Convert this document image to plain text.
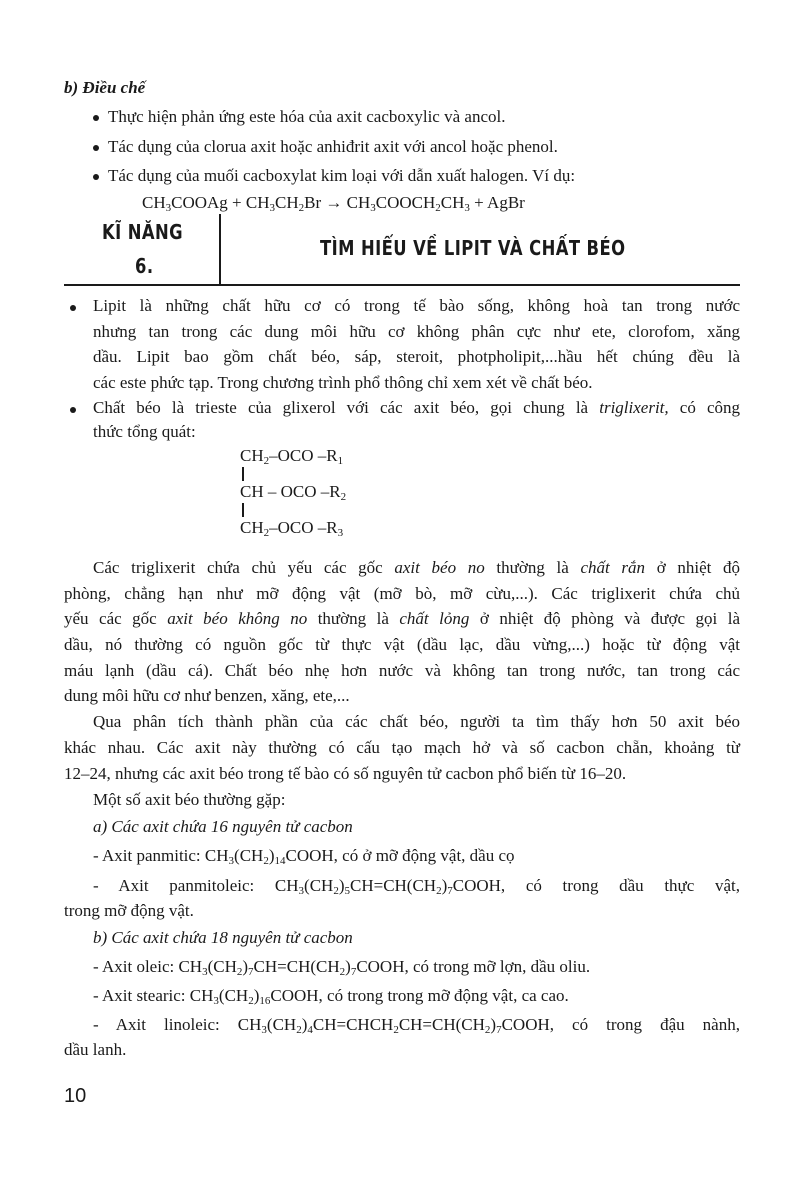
b) Điều chế
Thực hiện phản ứng este hóa của axit cacboxylic và ancol.
Tác dụng của clorua axit hoặc anhiđrit axit với ancol hoặc phenol.
Tác dụng của muối cacboxylat kim loại với dẫn xuất halogen. Ví dụ:
$CH_3COOAg + CH_3CH_2Br$ → $CH_3COOCH_2CH_3$ + AgBr
KĨ NĂNG
6.
TÌM HIỂU VỀ LIPIT VÀ CHẤT BÉO
Lipit là những chất hữu cơ có trong tế bào sống, không hoà tan trong nước
nhưng tan trong các dung môi hữu cơ không phân cực như ete, clorofom, xăng
dầu. Lipit bao gồm chất béo, sáp, steroit, photpholipit,...hầu hết chúng đều là
các este phức tạp. Trong chương trình phổ thông chỉ xem xét về chất béo.
Chất béo là trieste của glixerol với các axit béo, gọi chung là triglixerit, có công
thức tổng quát:
$CH_2$–OCO $-R_1$
CH – OCO $-R_2$
$CH_2$–OCO $-R_3$
Các triglixerit chứa chủ yếu các gốc axit béo no thường là chất rắn ở nhiệt độ
phòng, chẳng hạn như mỡ động vật (mỡ bò, mỡ cừu,...). Các triglixerit chứa chủ
yếu các gốc axit béo không no thường là chất lỏng ở nhiệt độ phòng và được gọi là
dầu, nó thường có nguồn gốc từ thực vật (dầu lạc, dầu vừng,...) hoặc từ động vật
máu lạnh (dầu cá). Chất béo nhẹ hơn nước và không tan trong nước, tan trong các
dung môi hữu cơ như benzen, xăng, ete,...
Qua phân tích thành phần của các chất béo, người ta tìm thấy hơn 50 axit béo
khác nhau. Các axit này thường có cấu tạo mạch hở và số cacbon chẵn, khoảng từ
12–24, nhưng các axit béo trong tế bào có số nguyên tử cacbon phổ biến từ 16–20.
Một số axit béo thường gặp:
a) Các axit chứa 16 nguyên tử cacbon
- Axit panmitic: $CH_3(CH_2)_{14}COOH$, có ở mỡ động vật, dầu cọ
- Axit panmitoleic: $CH_3(CH_2)_5CH=CH(CH_2)_7COOH$, có trong dầu thực vật,
trong mỡ động vật.
b) Các axit chứa 18 nguyên tử cacbon
- Axit oleic: $CH_3(CH_2)_7CH=CH(CH_2)_7COOH$, có trong mỡ lợn, dầu oliu.
- Axit stearic: $CH_3(CH_2)_{16}COOH$, có trong trong mỡ động vật, ca cao.
- Axit linoleic: $CH_3(CH_2)_4CH=CHCH_2CH=CH(CH_2)_7COOH$, có trong đậu nành,
dầu lanh.
10
